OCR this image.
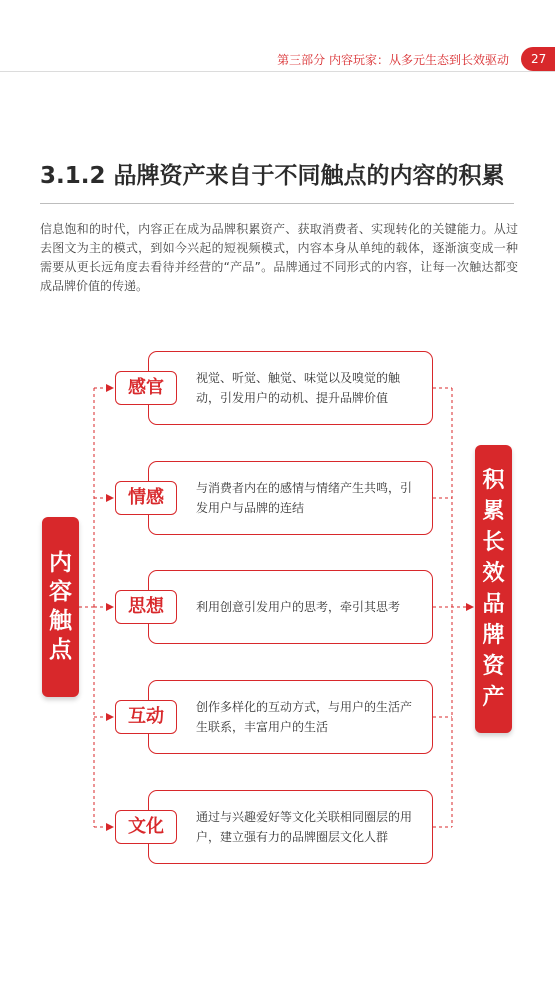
第三部分 内容玩家：从多元生态到长效驱动	27
3.1.2 品牌资产来自于不同触点的内容的积累
信息饱和的时代，内容正在成为品牌积累资产、获取消费者、实现转化的关键能力。从过去图文为主的模式，到如今兴起的短视频模式，内容本身从单纯的载体，逐渐演变成一种需要从更长远角度去看待并经营的“产品”。品牌通过不同形式的内容，让每一次触达都变成品牌价值的传递。
内容触点
积累长效品牌资产
视觉、听觉、触觉、味觉以及嗅觉的触动，引发用户的动机、提升品牌价值
感官
与消费者内在的感情与情绪产生共鸣，引发用户与品牌的连结
情感
利用创意引发用户的思考，牵引其思考
思想
创作多样化的互动方式，与用户的生活产生联系，丰富用户的生活
互动
通过与兴趣爱好等文化关联相同圈层的用户，建立强有力的品牌圈层文化人群
文化
